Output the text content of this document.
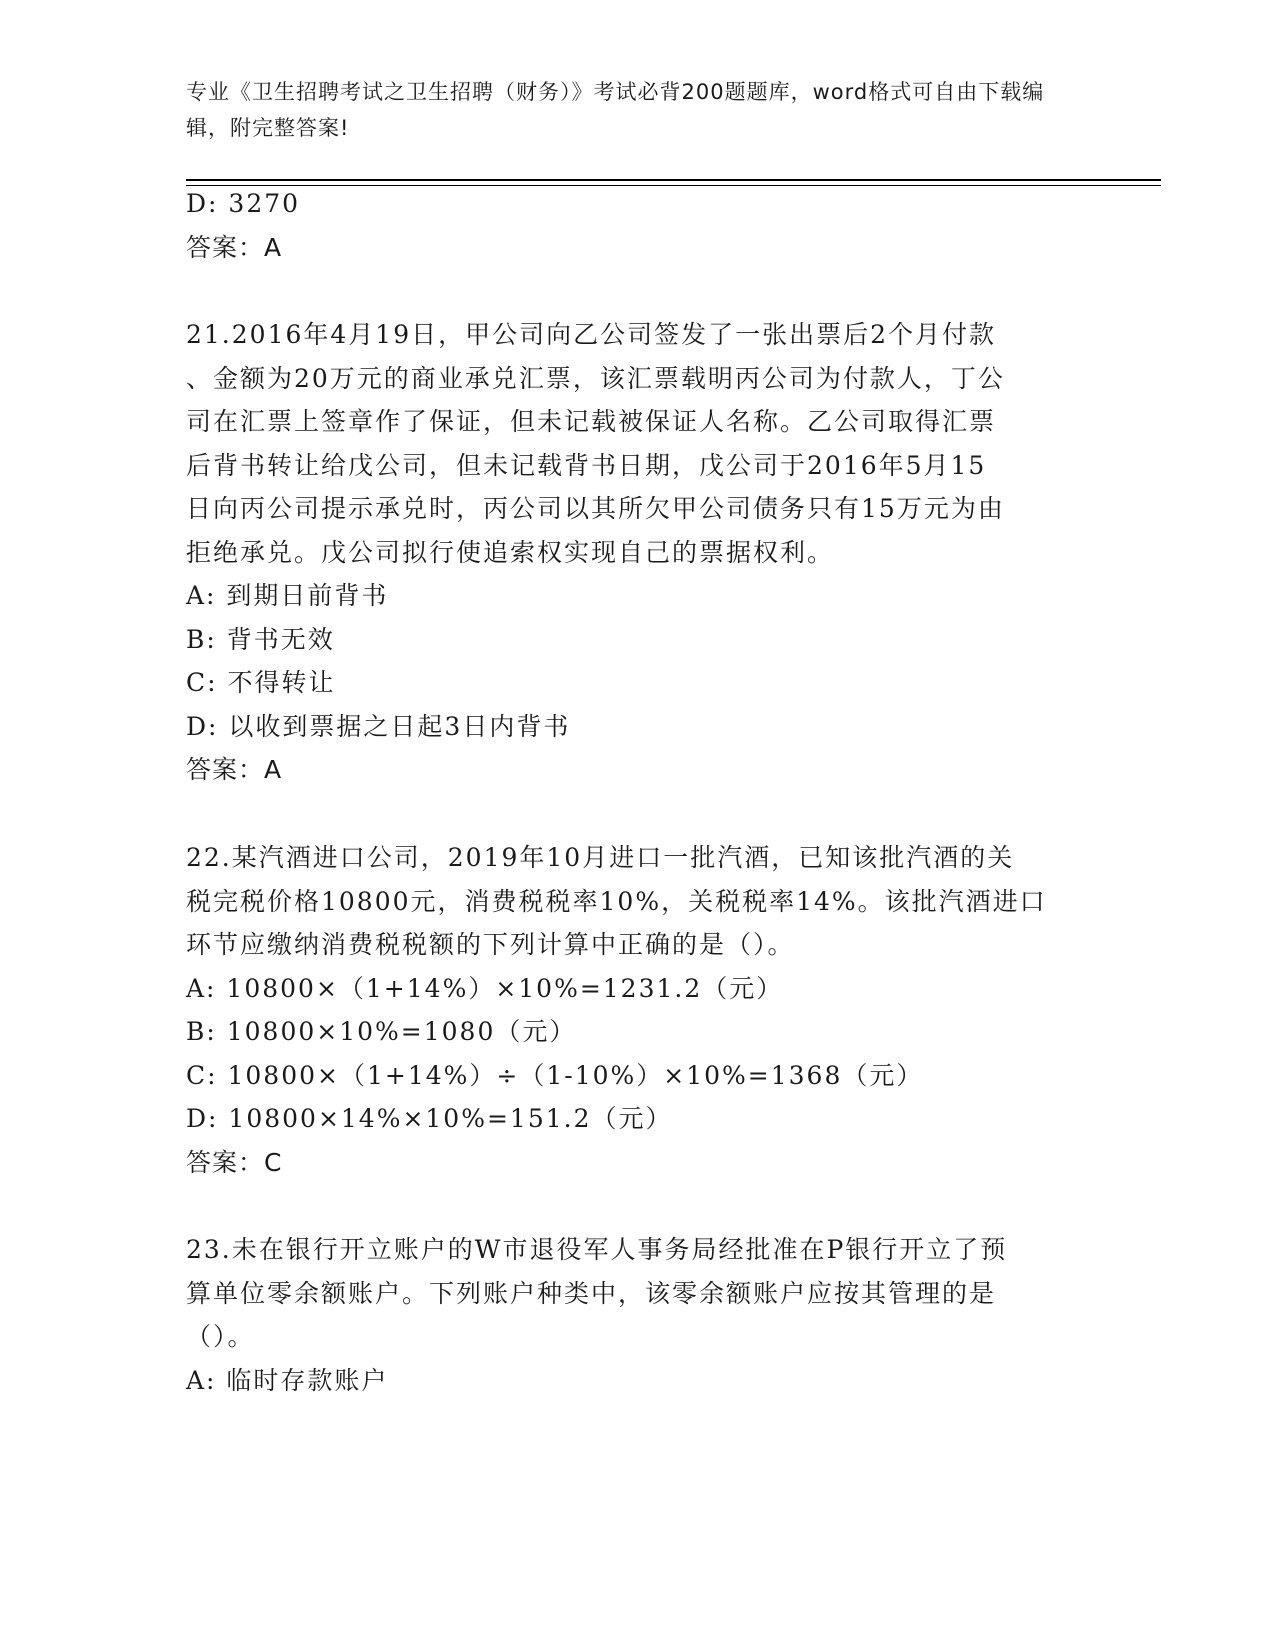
专业《卫生招聘考试之卫生招聘（财务）》考试必背200题题库，word格式可自由下载编辑，附完整答案!
D: 3270
答案：A
21.2016年4月19日，甲公司向乙公司签发了一张出票后2个月付款
、金额为20万元的商业承兑汇票，该汇票载明丙公司为付款人，丁公
司在汇票上签章作了保证，但未记载被保证人名称。乙公司取得汇票
后背书转让给戊公司，但未记载背书日期，戊公司于2016年5月15
日向丙公司提示承兑时，丙公司以其所欠甲公司债务只有15万元为由
拒绝承兑。戊公司拟行使追索权实现自己的票据权利。
A: 到期日前背书
B: 背书无效
C: 不得转让
D: 以收到票据之日起3日内背书
答案：A
22.某汽酒进口公司，2019年10月进口一批汽酒，已知该批汽酒的关
税完税价格10800元，消费税税率10%，关税税率14%。该批汽酒进口
环节应缴纳消费税税额的下列计算中正确的是（）。
A: 10800×（1+14%）×10%=1231.2（元）
B: 10800×10%=1080（元）
C: 10800×（1+14%）÷（1-10%）×10%=1368（元）
D: 10800×14%×10%=151.2（元）
答案：C
23.未在银行开立账户的W市退役军人事务局经批准在P银行开立了预
算单位零余额账户。下列账户种类中，该零余额账户应按其管理的是
（）。
A: 临时存款账户
